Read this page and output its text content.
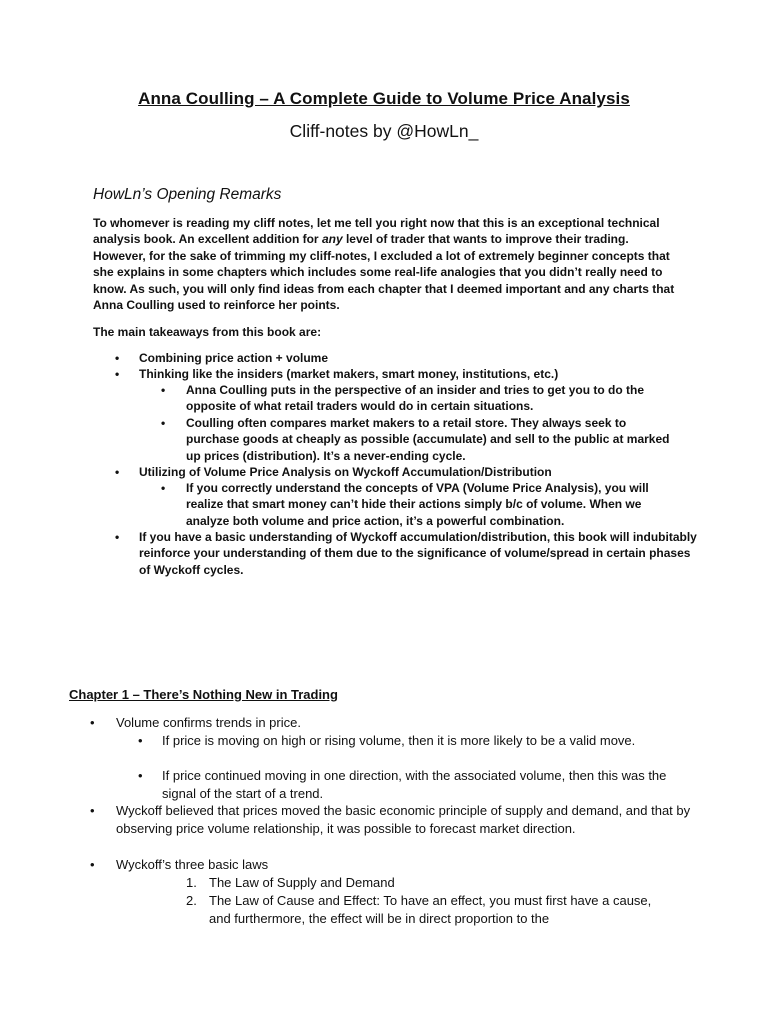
Anna Coulling – A Complete Guide to Volume Price Analysis
Cliff-notes by @HowLn_
HowLn’s Opening Remarks
To whomever is reading my cliff notes, let me tell you right now that this is an exceptional technical analysis book. An excellent addition for any level of trader that wants to improve their trading. However, for the sake of trimming my cliff-notes, I excluded a lot of extremely beginner concepts that she explains in some chapters which includes some real-life analogies that you didn’t really need to know. As such, you will only find ideas from each chapter that I deemed important and any charts that Anna Coulling used to reinforce her points.
The main takeaways from this book are:
• Combining price action + volume
• Thinking like the insiders (market makers, smart money, institutions, etc.)
• Anna Coulling puts in the perspective of an insider and tries to get you to do the opposite of what retail traders would do in certain situations.
• Coulling often compares market makers to a retail store. They always seek to purchase goods at cheaply as possible (accumulate) and sell to the public at marked up prices (distribution). It’s a never-ending cycle.
• Utilizing of Volume Price Analysis on Wyckoff Accumulation/Distribution
• If you correctly understand the concepts of VPA (Volume Price Analysis), you will realize that smart money can’t hide their actions simply b/c of volume. When we analyze both volume and price action, it’s a powerful combination.
• If you have a basic understanding of Wyckoff accumulation/distribution, this book will indubitably reinforce your understanding of them due to the significance of volume/spread in certain phases of Wyckoff cycles.
Chapter 1 – There’s Nothing New in Trading
• Volume confirms trends in price.
• If price is moving on high or rising volume, then it is more likely to be a valid move.
• If price continued moving in one direction, with the associated volume, then this was the signal of the start of a trend.
• Wyckoff believed that prices moved the basic economic principle of supply and demand, and that by observing price volume relationship, it was possible to forecast market direction.
• Wyckoff’s three basic laws
1. The Law of Supply and Demand
2. The Law of Cause and Effect: To have an effect, you must first have a cause, and furthermore, the effect will be in direct proportion to the
